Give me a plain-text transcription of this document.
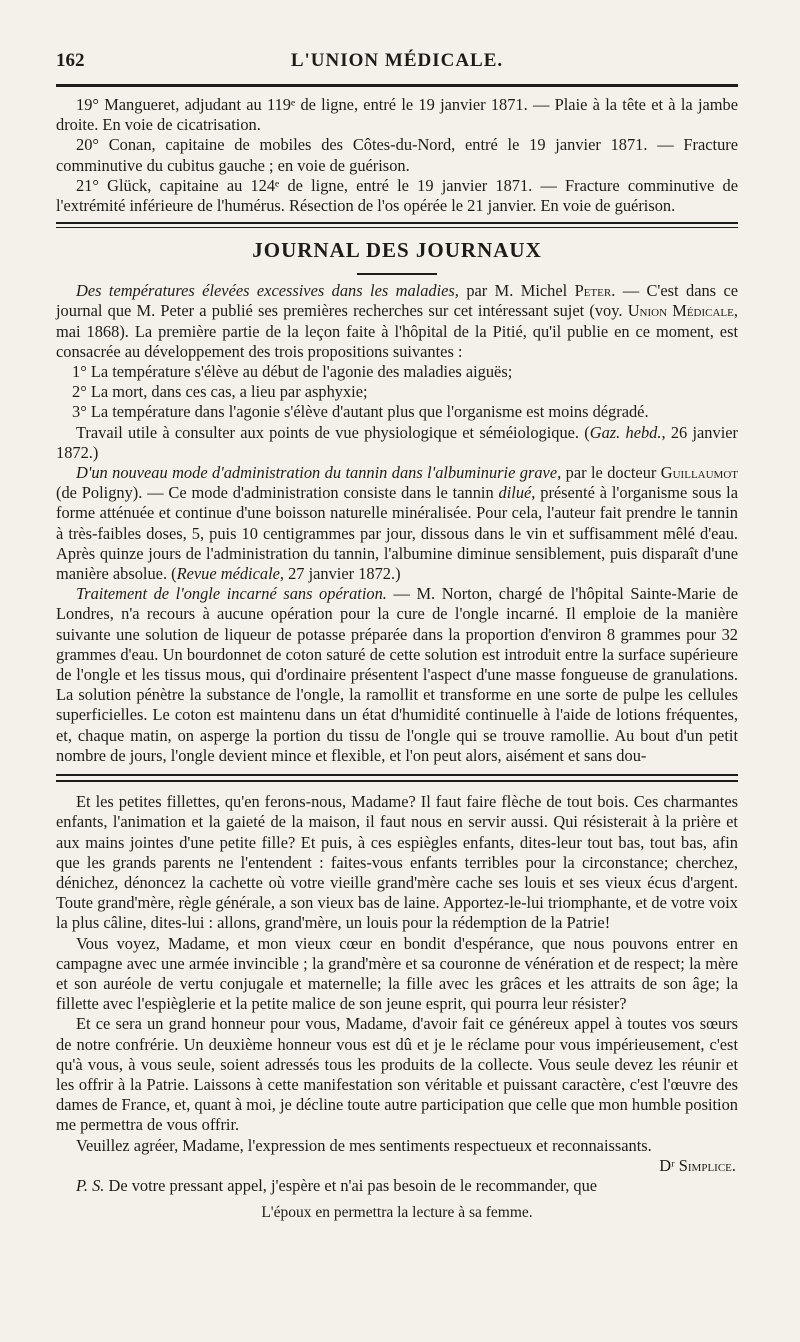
162	L'UNION MÉDICALE.

19° Mangueret, adjudant au 119ᵉ de ligne, entré le 19 janvier 1871. — Plaie à la tête et à la jambe droite. En voie de cicatrisation.

20° Conan, capitaine de mobiles des Côtes-du-Nord, entré le 19 janvier 1871. — Fracture comminutive du cubitus gauche ; en voie de guérison.

21° Glück, capitaine au 124ᵉ de ligne, entré le 19 janvier 1871. — Fracture comminutive de l'extrémité inférieure de l'humérus. Résection de l'os opérée le 21 janvier. En voie de guérison.

JOURNAL DES JOURNAUX

Des températures élevées excessives dans les maladies, par M. Michel Peter. — C'est dans ce journal que M. Peter a publié ses premières recherches sur cet intéressant sujet (voy. Union Médicale, mai 1868). La première partie de la leçon faite à l'hôpital de la Pitié, qu'il publie en ce moment, est consacrée au développement des trois propositions suivantes :

1° La température s'élève au début de l'agonie des maladies aiguës;

2° La mort, dans ces cas, a lieu par asphyxie;

3° La température dans l'agonie s'élève d'autant plus que l'organisme est moins dégradé.

Travail utile à consulter aux points de vue physiologique et séméiologique. (Gaz. hebd., 26 janvier 1872.)

D'un nouveau mode d'administration du tannin dans l'albuminurie grave, par le docteur Guillaumot (de Poligny). — Ce mode d'administration consiste dans le tannin dilué, présenté à l'organisme sous la forme atténuée et continue d'une boisson naturelle minéralisée. Pour cela, l'auteur fait prendre le tannin à très-faibles doses, 5, puis 10 centigrammes par jour, dissous dans le vin et suffisamment mêlé d'eau. Après quinze jours de l'administration du tannin, l'albumine diminue sensiblement, puis disparaît d'une manière absolue. (Revue médicale, 27 janvier 1872.)

Traitement de l'ongle incarné sans opération. — M. Norton, chargé de l'hôpital Sainte-Marie de Londres, n'a recours à aucune opération pour la cure de l'ongle incarné. Il emploie de la manière suivante une solution de liqueur de potasse préparée dans la proportion d'environ 8 grammes pour 32 grammes d'eau. Un bourdonnet de coton saturé de cette solution est introduit entre la surface supérieure de l'ongle et les tissus mous, qui d'ordinaire présentent l'aspect d'une masse fongueuse de granulations. La solution pénètre la substance de l'ongle, la ramollit et transforme en une sorte de pulpe les cellules superficielles. Le coton est maintenu dans un état d'humidité continuelle à l'aide de lotions fréquentes, et, chaque matin, on asperge la portion du tissu de l'ongle qui se trouve ramollie. Au bout d'un petit nombre de jours, l'ongle devient mince et flexible, et l'on peut alors, aisément et sans dou-

Et les petites fillettes, qu'en ferons-nous, Madame? Il faut faire flèche de tout bois. Ces charmantes enfants, l'animation et la gaieté de la maison, il faut nous en servir aussi. Qui résisterait à la prière et aux mains jointes d'une petite fille? Et puis, à ces espiègles enfants, dites-leur tout bas, tout bas, afin que les grands parents ne l'entendent : faites-vous enfants terribles pour la circonstance; cherchez, dénichez, dénoncez la cachette où votre vieille grand'mère cache ses louis et ses vieux écus d'argent. Toute grand'mère, règle générale, a son vieux bas de laine. Apportez-le-lui triomphante, et de votre voix la plus câline, dites-lui : allons, grand'mère, un louis pour la rédemption de la Patrie!

Vous voyez, Madame, et mon vieux cœur en bondit d'espérance, que nous pouvons entrer en campagne avec une armée invincible ; la grand'mère et sa couronne de vénération et de respect; la mère et son auréole de vertu conjugale et maternelle; la fille avec les grâces et les attraits de son âge; la fillette avec l'espièglerie et la petite malice de son jeune esprit, qui pourra leur résister?

Et ce sera un grand honneur pour vous, Madame, d'avoir fait ce généreux appel à toutes vos sœurs de notre confrérie. Un deuxième honneur vous est dû et je le réclame pour vous impérieusement, c'est qu'à vous, à vous seule, soient adressés tous les produits de la collecte. Vous seule devez les réunir et les offrir à la Patrie. Laissons à cette manifestation son véritable et puissant caractère, c'est l'œuvre des dames de France, et, quant à moi, je décline toute autre participation que celle que mon humble position me permettra de vous offrir.

Veuillez agréer, Madame, l'expression de mes sentiments respectueux et reconnaissants.

Dʳ Simplice.

P. S. De votre pressant appel, j'espère et n'ai pas besoin de le recommander, que

L'époux en permettra la lecture à sa femme.
